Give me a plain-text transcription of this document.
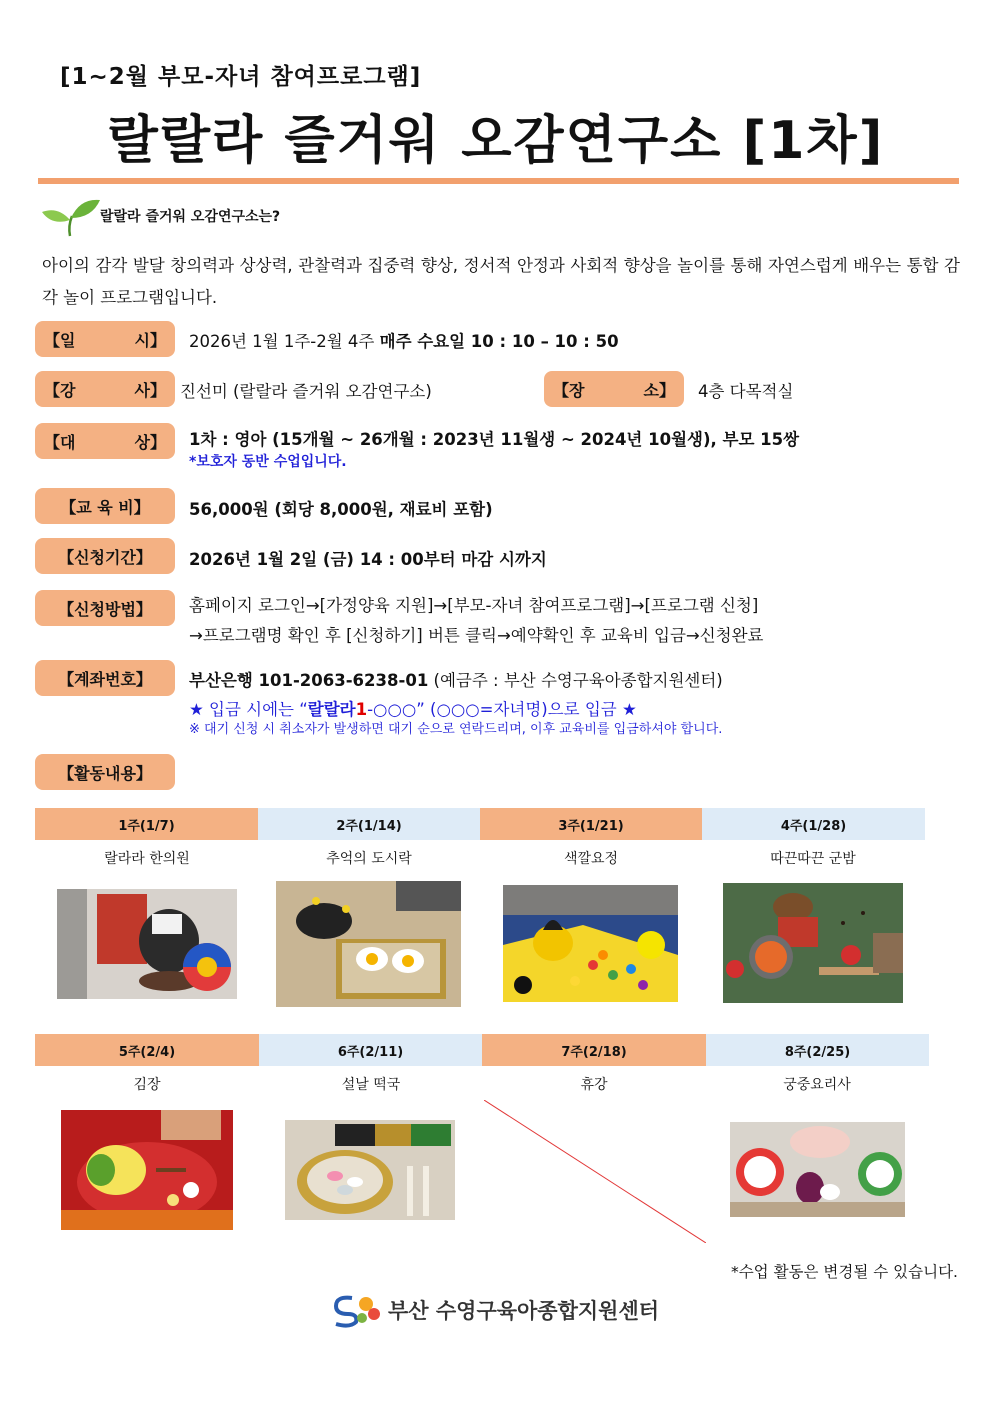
[1~2월 부모-자녀 참여프로그램]
랄랄라 즐거워 오감연구소 [1차]
랄랄라 즐거워 오감연구소는?
아이의 감각 발달 창의력과 상상력, 관찰력과 집중력 향상, 정서적 안정과 사회적 향상을 놀이를 통해 자연스럽게 배우는 통합 감각 놀이 프로그램입니다.
【일	시】 2026년 1월 1주-2월 4주 매주 수요일 10 : 10 – 10 : 50
【강	사】 진선미 (랄랄라 즐거워 오감연구소)	【장	소】 4층 다목적실
【대	상】 1차 : 영아 (15개월 ~ 26개월 : 2023년 11월생 ~ 2024년 10월생), 부모 15쌍
*보호자 동반 수업입니다.
【교 육 비】	56,000원 (회당 8,000원, 재료비 포함)
【신청기간】	2026년 1월 2일 (금) 14 : 00부터 마감 시까지
【신청방법】	홈페이지 로그인→[가정양육 지원]→[부모-자녀 참여프로그램]→[프로그램 신청]
→프로그램명 확인 후 [신청하기] 버튼 클릭→예약확인 후 교육비 입금→신청완료
【계좌번호】	부산은행 101-2063-6238-01 (예금주 : 부산 수영구육아종합지원센터)
★ 입금 시에는 “랄랄라1-○○○” (○○○=자녀명)으로 입금 ★
※ 대기 신청 시 취소자가 발생하면 대기 순으로 연락드리며, 이후 교육비를 입금하셔야 합니다.
【활동내용】
1주(1/7)	2주(1/14)	3주(1/21)	4주(1/28)
랄라라 한의원	추억의 도시락	색깔요정	따끈따끈 군밤
5주(2/4)	6주(2/11)	7주(2/18)	8주(2/25)
김장	설날 떡국	휴강	궁중요리사
*수업 활동은 변경될 수 있습니다.
부산 수영구육아종합지원센터
